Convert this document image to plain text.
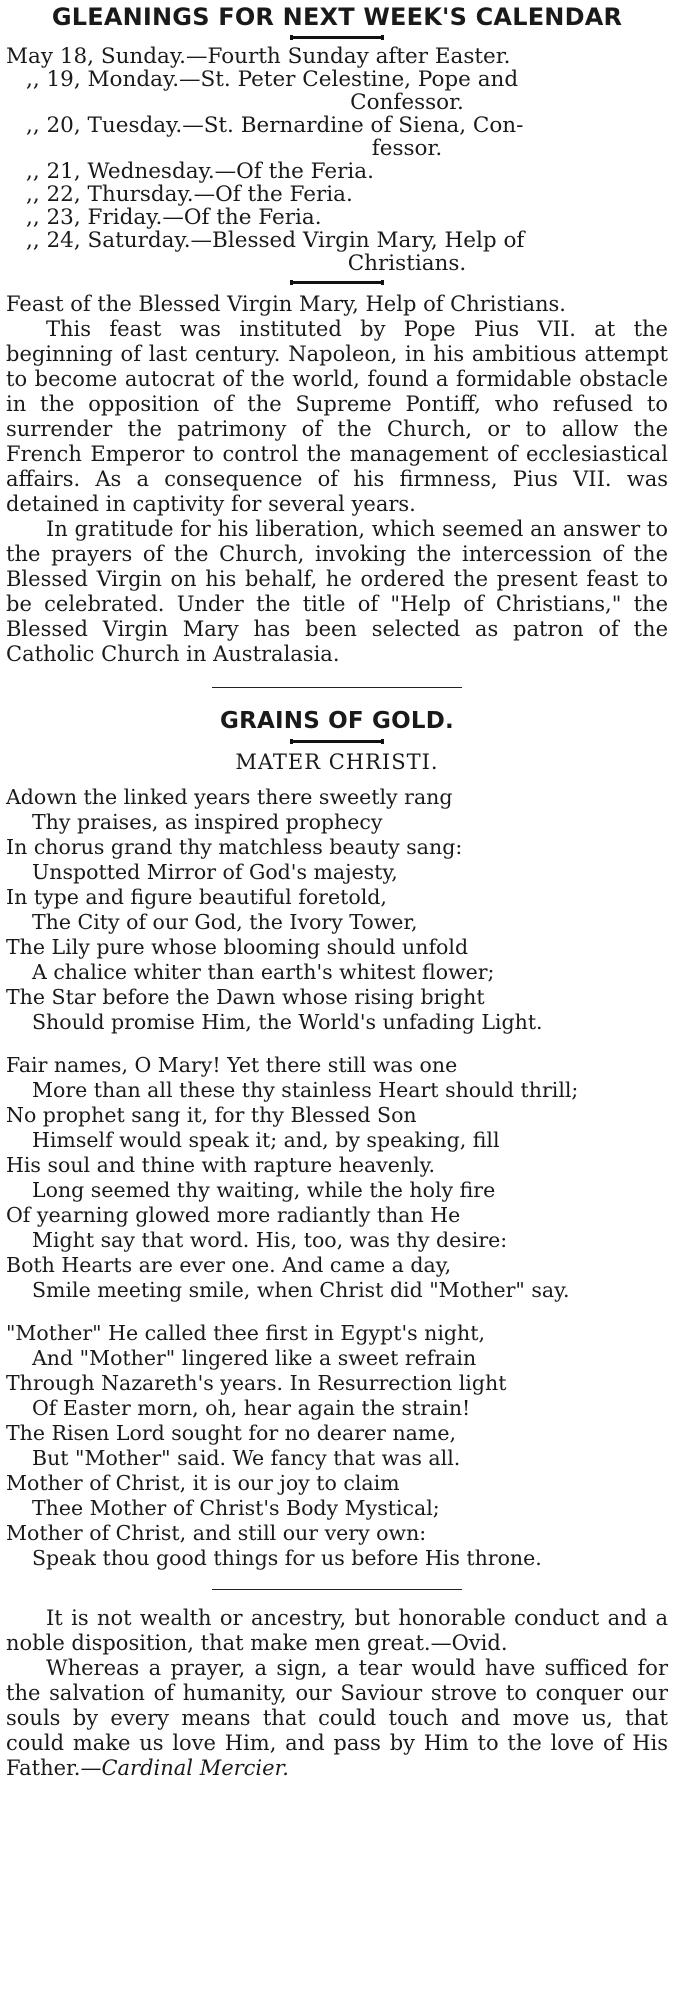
GLEANINGS FOR NEXT WEEK'S CALENDAR
May 18, Sunday. —Fourth Sunday after Easter.
,, 19, Monday. —St. Peter Celestine, Pope and
Confessor.
,, 20, Tuesday. —St. Bernardine of Siena, Con-
fessor.
,, 21, Wednesday. —Of the Feria.
,, 22, Thursday. —Of the Feria.
,, 23, Friday. —Of the Feria.
,, 24, Saturday. —Blessed Virgin Mary, Help of
Christians.

Feast of the Blessed Virgin Mary, Help of Christians.

This feast was instituted by Pope Pius VII. at the beginning of last century. Napoleon, in his ambitious attempt to become autocrat of the world, found a formidable obstacle in the opposition of the Supreme Pontiff, who refused to surrender the patrimony of the Church, or to allow the French Emperor to control the management of ecclesiastical affairs. As a consequence of his firmness, Pius VII. was detained in captivity for several years.

In gratitude for his liberation, which seemed an answer to the prayers of the Church, invoking the intercession of the Blessed Virgin on his behalf, he ordered the present feast to be celebrated. Under the title of "Help of Christians," the Blessed Virgin Mary has been selected as patron of the Catholic Church in Australasia.

GRAINS OF GOLD.
MATER CHRISTI.
Adown the linked years there sweetly rang
Thy praises, as inspired prophecy
In chorus grand thy matchless beauty sang:
Unspotted Mirror of God's majesty,
In type and figure beautiful foretold,
The City of our God, the Ivory Tower,
The Lily pure whose blooming should unfold
A chalice whiter than earth's whitest flower;
The Star before the Dawn whose rising bright
Should promise Him, the World's unfading Light.
Fair names, O Mary! Yet there still was one
More than all these thy stainless Heart should thrill;
No prophet sang it, for thy Blessed Son
Himself would speak it; and, by speaking, fill
His soul and thine with rapture heavenly.
Long seemed thy waiting, while the holy fire
Of yearning glowed more radiantly than He
Might say that word. His, too, was thy desire:
Both Hearts are ever one. And came a day,
Smile meeting smile, when Christ did "Mother" say.
"Mother" He called thee first in Egypt's night,
And "Mother" lingered like a sweet refrain
Through Nazareth's years. In Resurrection light
Of Easter morn, oh, hear again the strain!
The Risen Lord sought for no dearer name,
But "Mother" said. We fancy that was all.
Mother of Christ, it is our joy to claim
Thee Mother of Christ's Body Mystical;
Mother of Christ, and still our very own:
Speak thou good things for us before His throne.

It is not wealth or ancestry, but honorable conduct and a noble disposition, that make men great.—Ovid.

Whereas a prayer, a sign, a tear would have sufficed for the salvation of humanity, our Saviour strove to conquer our souls by every means that could touch and move us, that could make us love Him, and pass by Him to the love of His Father.—Cardinal Mercier.
